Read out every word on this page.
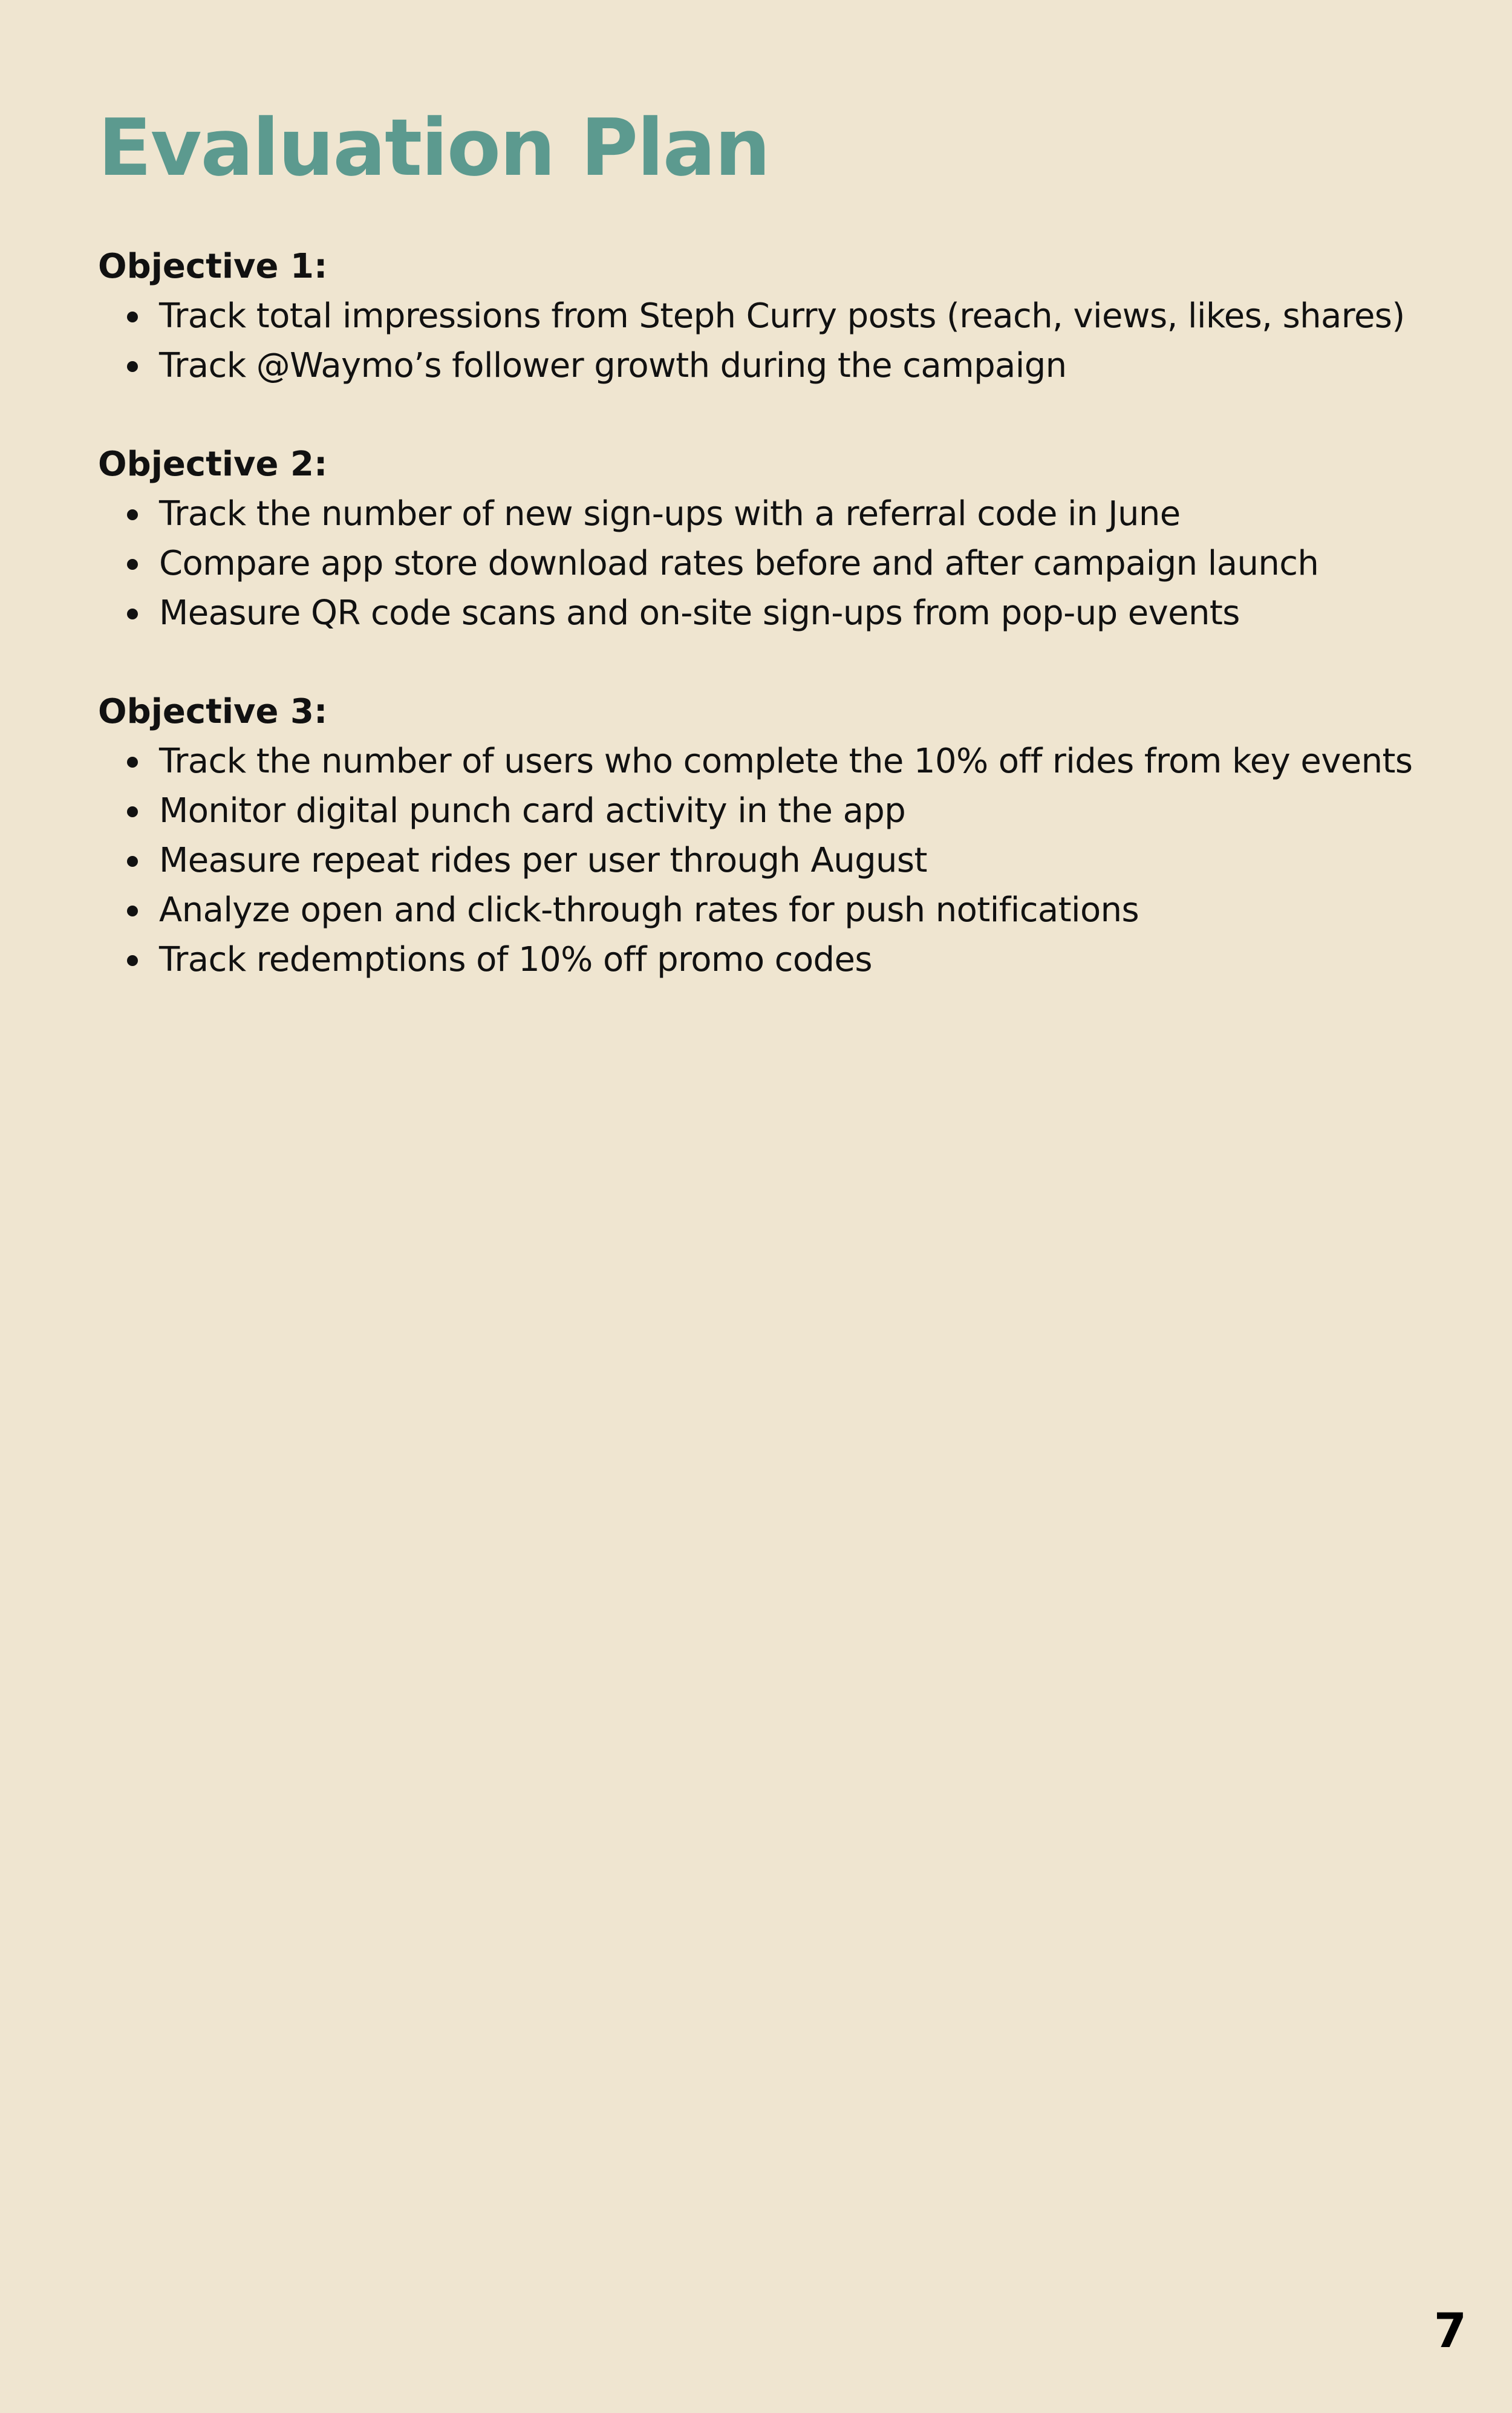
Evaluation Plan
Objective 1:
Track total impressions from Steph Curry posts (reach, views, likes, shares)
Track @Waymo’s follower growth during the campaign
Objective 2:
Track the number of new sign-ups with a referral code in June
Compare app store download rates before and after campaign launch
Measure QR code scans and on-site sign-ups from pop-up events
Objective 3:
Track the number of users who complete the 10% off rides from key events
Monitor digital punch card activity in the app
Measure repeat rides per user through August
Analyze open and click-through rates for push notifications
Track redemptions of 10% off promo codes
7
